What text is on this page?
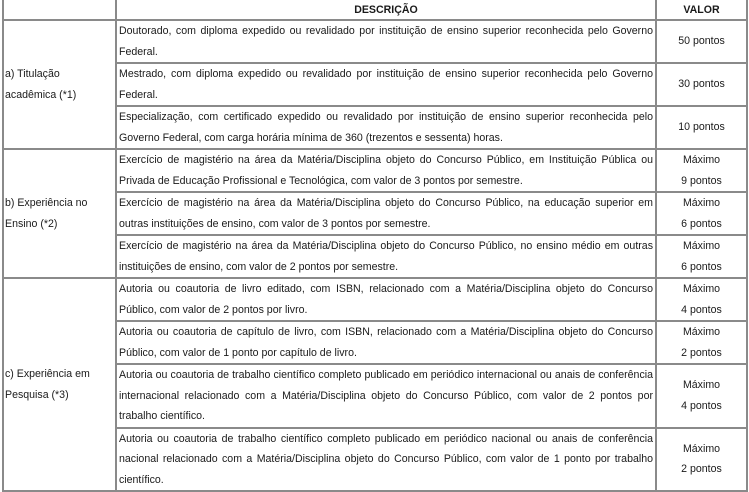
	DESCRIÇÃO	VALOR
a) Titulação acadêmica (*1)	Doutorado, com diploma expedido ou revalidado por instituição de ensino superior reconhecida pelo Governo Federal.	50 pontos

	Mestrado, com diploma expedido ou revalidado por instituição de ensino superior reconhecida pelo Governo Federal.	30 pontos

	Especialização, com certificado expedido ou revalidado por instituição de ensino superior reconhecida pelo Governo Federal, com carga horária mínima de 360 (trezentos e sessenta) horas.	10 pontos

b) Experiência no Ensino (*2)	Exercício de magistério na área da Matéria/Disciplina objeto do Concurso Público, em Instituição Pública ou Privada de Educação Profissional e Tecnológica, com valor de 3 pontos por semestre.	Máximo
9 pontos

	Exercício de magistério na área da Matéria/Disciplina objeto do Concurso Público, na educação superior em outras instituições de ensino, com valor de 3 pontos por semestre.	Máximo
6 pontos

	Exercício de magistério na área da Matéria/Disciplina objeto do Concurso Público, no ensino médio em outras instituições de ensino, com valor de 2 pontos por semestre.	Máximo
6 pontos

c) Experiência em Pesquisa (*3)	Autoria ou coautoria de livro editado, com ISBN, relacionado com a Matéria/Disciplina objeto do Concurso Público, com valor de 2 pontos por livro.	Máximo
4 pontos

	Autoria ou coautoria de capítulo de livro, com ISBN, relacionado com a Matéria/Disciplina objeto do Concurso Público, com valor de 1 ponto por capítulo de livro.	Máximo
2 pontos

	Autoria ou coautoria de trabalho científico completo publicado em periódico internacional ou anais de conferência internacional relacionado com a Matéria/Disciplina objeto do Concurso Público, com valor de 2 pontos por trabalho científico.	Máximo
4 pontos

	Autoria ou coautoria de trabalho científico completo publicado em periódico nacional ou anais de conferência nacional relacionado com a Matéria/Disciplina objeto do Concurso Público, com valor de 1 ponto por trabalho científico.	Máximo
2 pontos
